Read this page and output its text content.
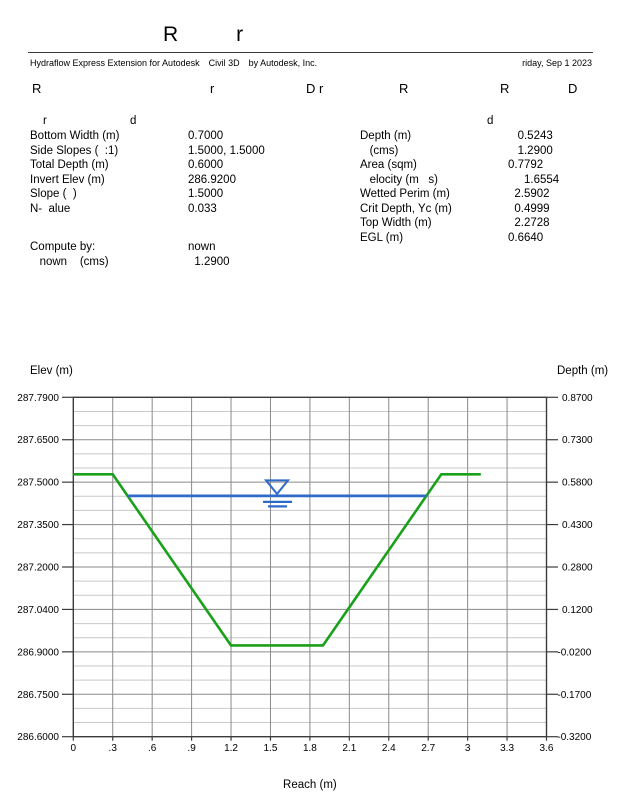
R	r
Hydraflow Express Extension for Autodesk Civil 3D by Autodesk, Inc.	riday, Sep 1 2023
R	r	D r	R	R	D
r	d	d
Bottom Width (m)	0.7000
Side Slopes (  :1)	1.5000, 1.5000
Total Depth (m)	0.6000
Invert Elev (m)	286.9200
Slope (  )	1.5000
N-  alue	0.033
Compute by:	nown
nown    (cms)	1.2900
Depth (m)	0.5243
(cms)	1.2900
Area (sqm)	0.7792
elocity (m   s)	1.6554
Wetted Perim (m)	2.5902
Crit Depth, Yc (m)	0.4999
Top Width (m)	2.2728
EGL (m)	0.6640
287.7900
287.6500
287.5000
287.3500
287.2000
287.0400
286.9000
286.7500
286.6000
0.8700
0.7300
0.5800
0.4300
0.2800
0.1200
-0.0200
-0.1700
-0.3200
0	.3	.6	.9	1.2	1.5	1.8	2.1	2.4	2.7	3	3.3	3.6
Elev (m)	Depth (m)
Reach (m)
